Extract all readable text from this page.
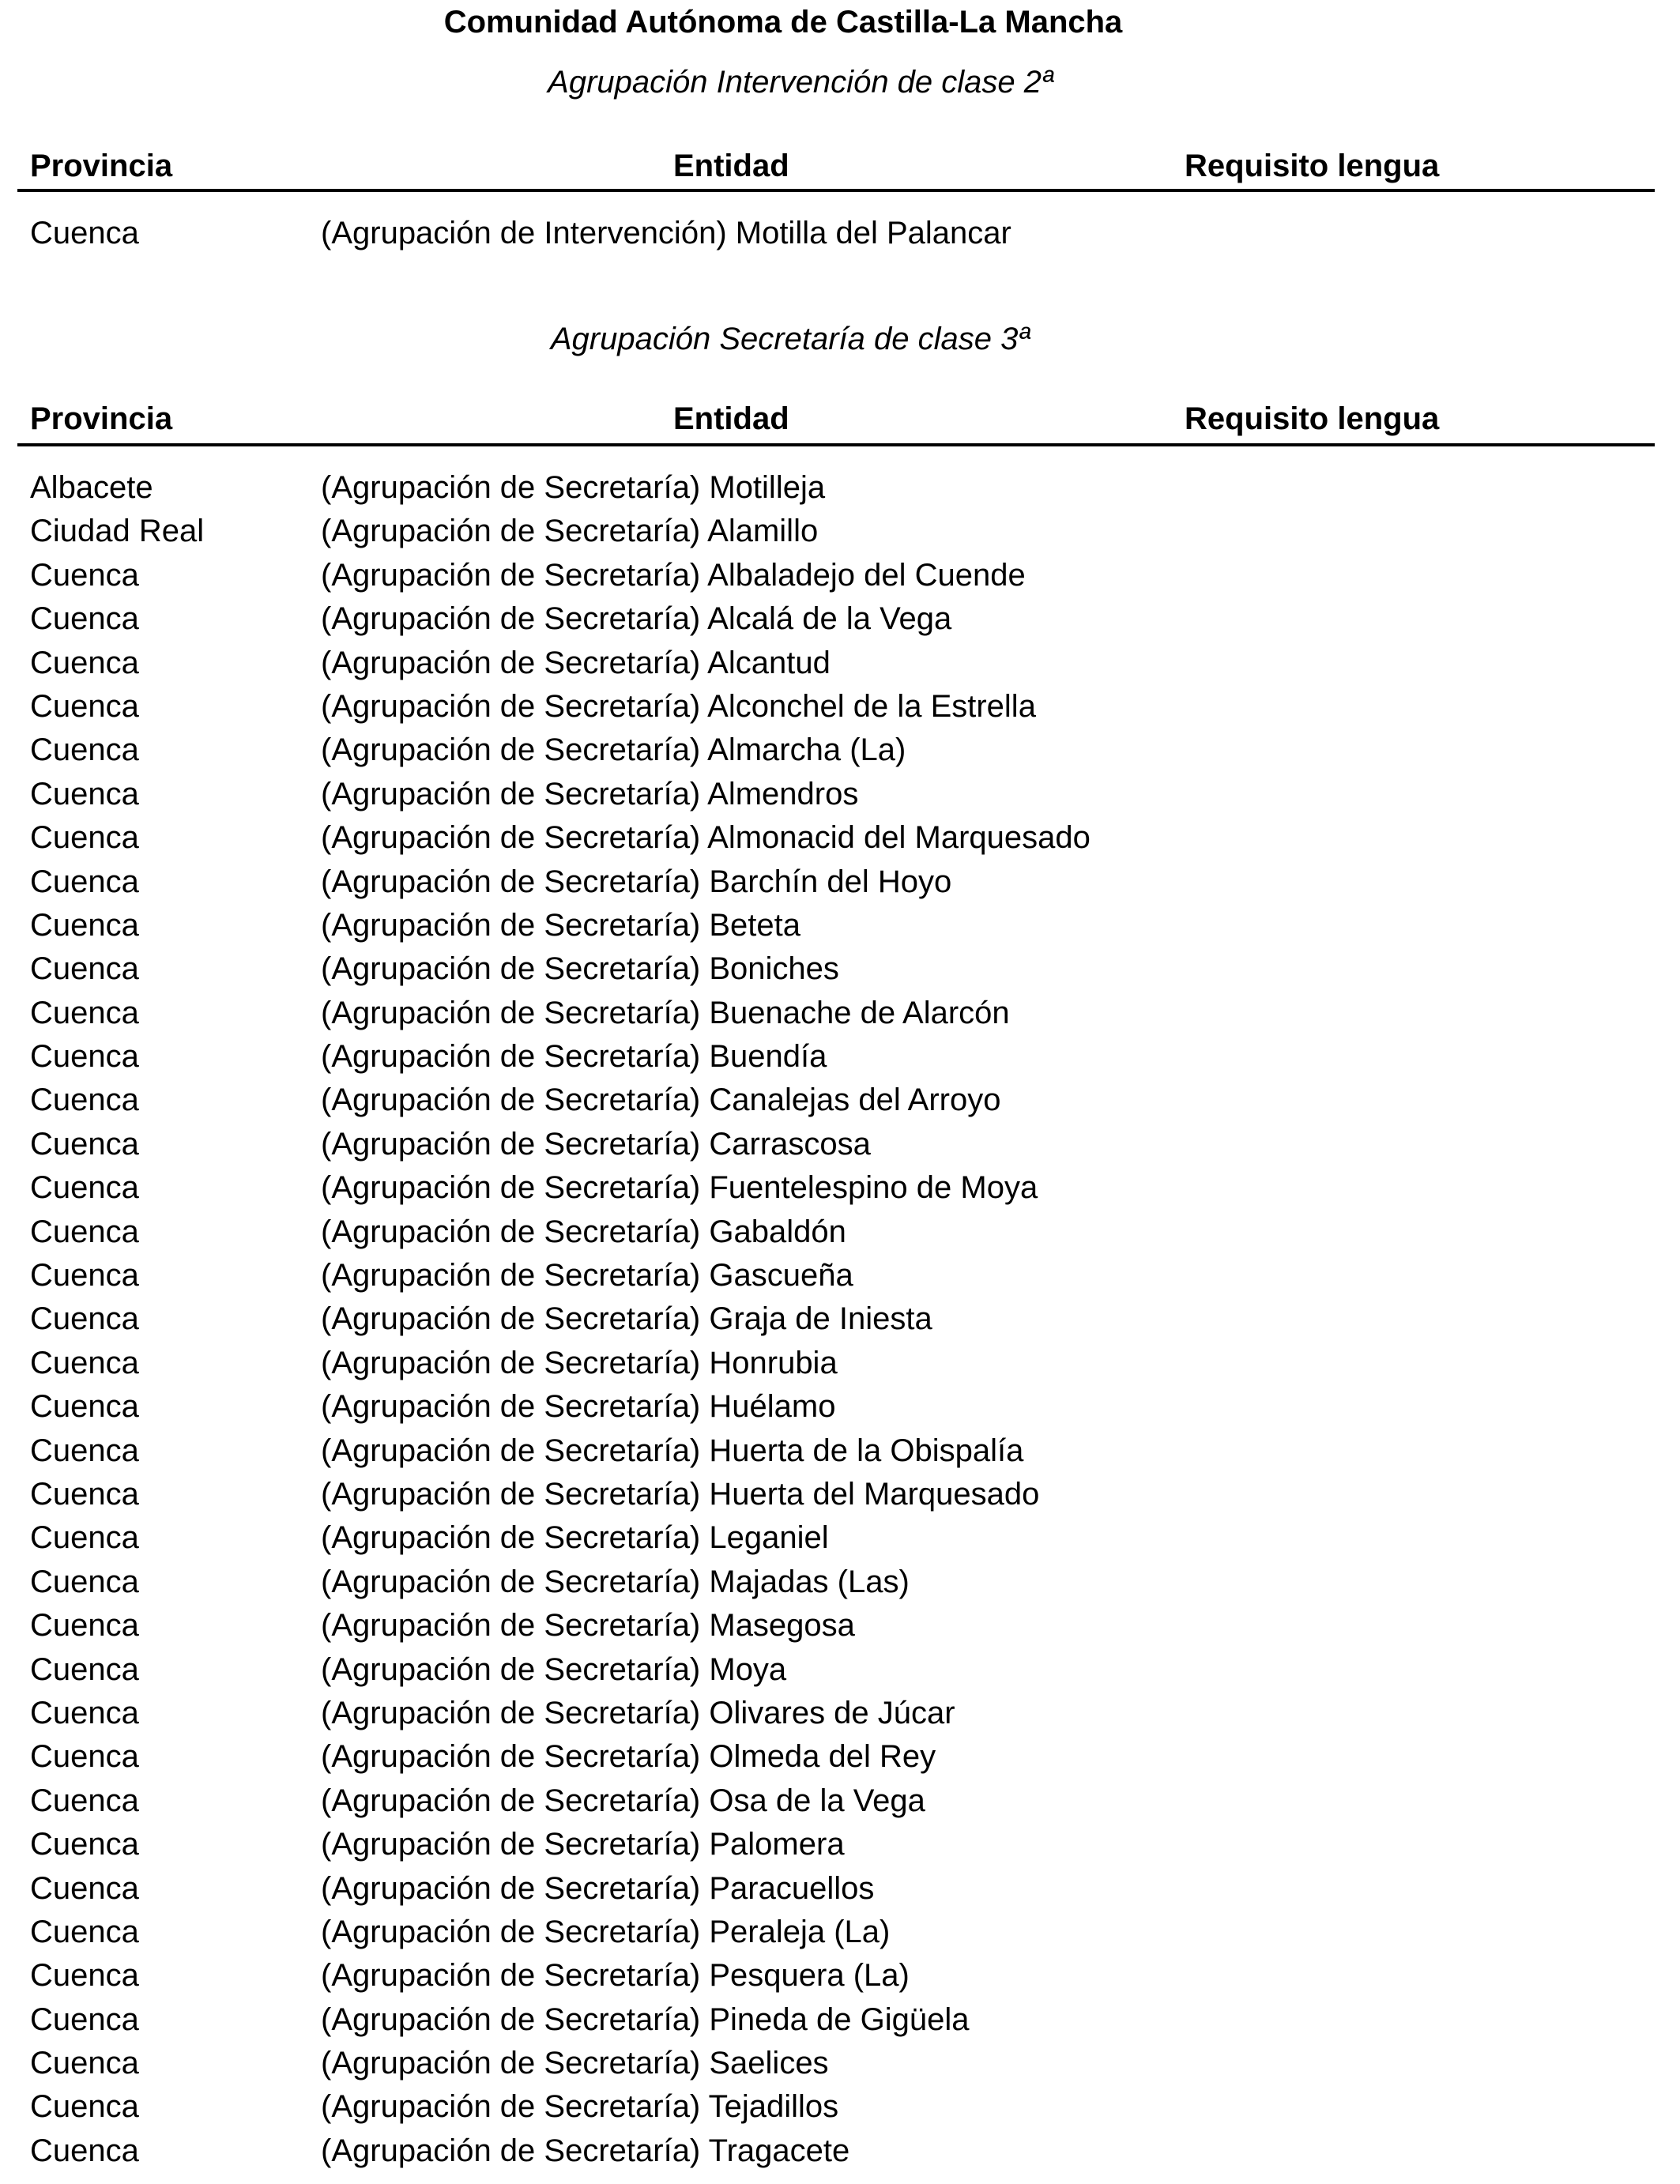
Comunidad Autónoma de Castilla-La Mancha
Agrupación Intervención de clase 2ª
Provincia	Entidad	Requisito lengua
Cuenca	(Agrupación de Intervención) Motilla del Palancar
Agrupación Secretaría de clase 3ª
Provincia	Entidad	Requisito lengua
Albacete	(Agrupación de Secretaría) Motilleja
Ciudad Real	(Agrupación de Secretaría) Alamillo
Cuenca	(Agrupación de Secretaría) Albaladejo del Cuende
Cuenca	(Agrupación de Secretaría) Alcalá de la Vega
Cuenca	(Agrupación de Secretaría) Alcantud
Cuenca	(Agrupación de Secretaría) Alconchel de la Estrella
Cuenca	(Agrupación de Secretaría) Almarcha (La)
Cuenca	(Agrupación de Secretaría) Almendros
Cuenca	(Agrupación de Secretaría) Almonacid del Marquesado
Cuenca	(Agrupación de Secretaría) Barchín del Hoyo
Cuenca	(Agrupación de Secretaría) Beteta
Cuenca	(Agrupación de Secretaría) Boniches
Cuenca	(Agrupación de Secretaría) Buenache de Alarcón
Cuenca	(Agrupación de Secretaría) Buendía
Cuenca	(Agrupación de Secretaría) Canalejas del Arroyo
Cuenca	(Agrupación de Secretaría) Carrascosa
Cuenca	(Agrupación de Secretaría) Fuentelespino de Moya
Cuenca	(Agrupación de Secretaría) Gabaldón
Cuenca	(Agrupación de Secretaría) Gascueña
Cuenca	(Agrupación de Secretaría) Graja de Iniesta
Cuenca	(Agrupación de Secretaría) Honrubia
Cuenca	(Agrupación de Secretaría) Huélamo
Cuenca	(Agrupación de Secretaría) Huerta de la Obispalía
Cuenca	(Agrupación de Secretaría) Huerta del Marquesado
Cuenca	(Agrupación de Secretaría) Leganiel
Cuenca	(Agrupación de Secretaría) Majadas (Las)
Cuenca	(Agrupación de Secretaría) Masegosa
Cuenca	(Agrupación de Secretaría) Moya
Cuenca	(Agrupación de Secretaría) Olivares de Júcar
Cuenca	(Agrupación de Secretaría) Olmeda del Rey
Cuenca	(Agrupación de Secretaría) Osa de la Vega
Cuenca	(Agrupación de Secretaría) Palomera
Cuenca	(Agrupación de Secretaría) Paracuellos
Cuenca	(Agrupación de Secretaría) Peraleja (La)
Cuenca	(Agrupación de Secretaría) Pesquera (La)
Cuenca	(Agrupación de Secretaría) Pineda de Gigüela
Cuenca	(Agrupación de Secretaría) Saelices
Cuenca	(Agrupación de Secretaría) Tejadillos
Cuenca	(Agrupación de Secretaría) Tragacete
